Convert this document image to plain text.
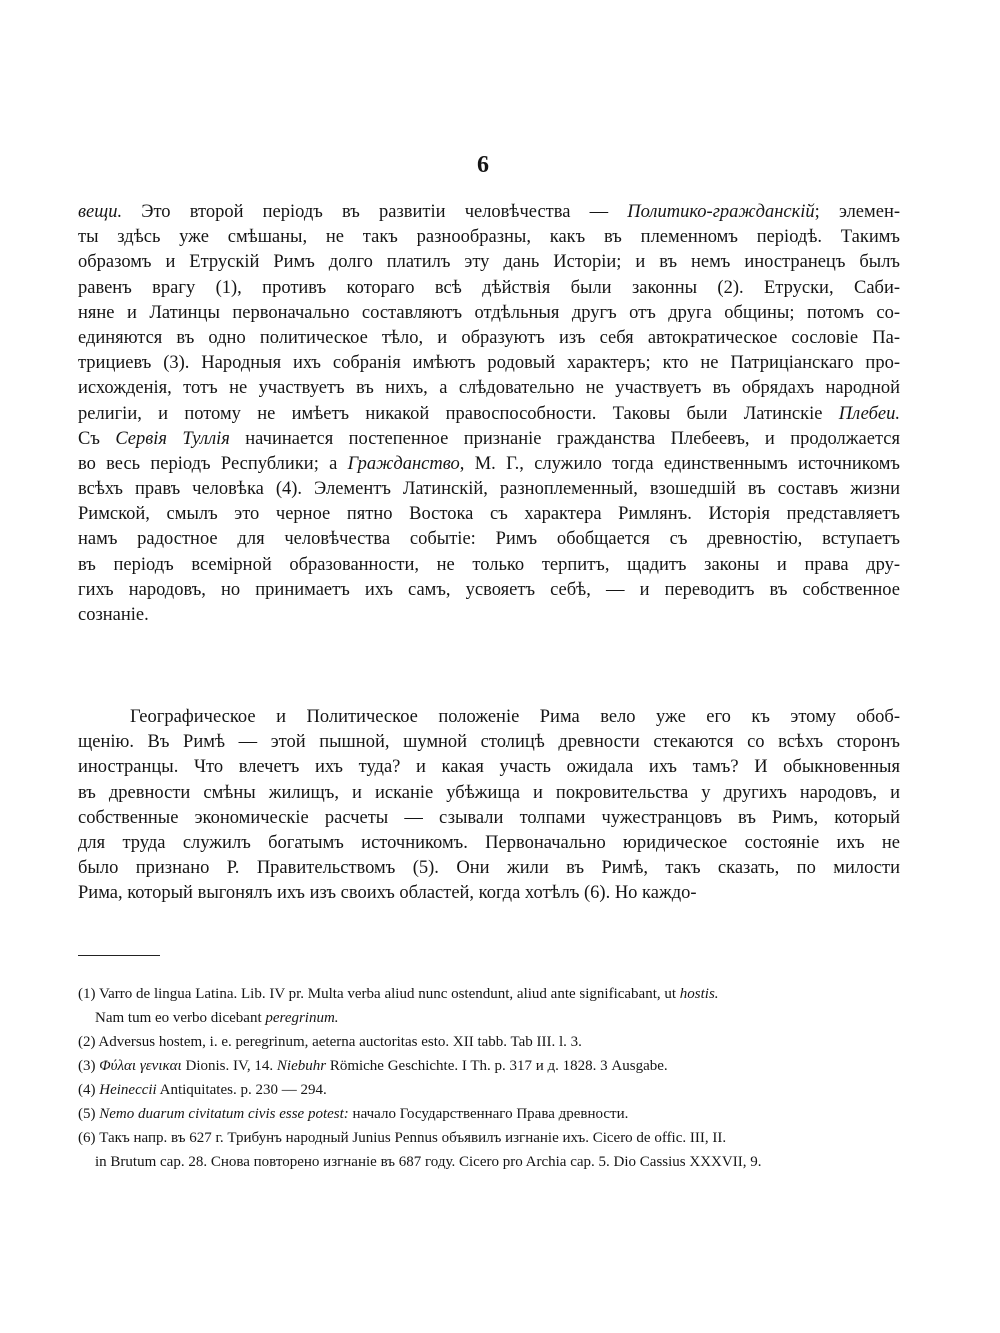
6
вещи. Это второй періодъ въ развитіи человѣчества — Политико-гражданскій; элемен-
ты здѣсь уже смѣшаны, не такъ разнообразны, какъ въ племенномъ періодѣ. Такимъ
образомъ и Етрускій Римъ долго платилъ эту дань Исторіи; и въ немъ иностранецъ былъ
равенъ врагу (1), противъ котораго всѣ дѣйствія были законны (2). Етруски, Саби-
няне и Латинцы первоначально составляютъ отдѣльныя другъ отъ друга общины; потомъ со-
единяются въ одно политическое тѣло, и образуютъ изъ себя автократическое сословіе Па-
трициевъ (3). Народныя ихъ собранія имѣютъ родовый характеръ; кто не Патриціанскаго про-
исхожденія, тотъ не участвуетъ въ нихъ, а слѣдовательно не участвуетъ въ обрядахъ народной
религіи, и потому не имѣетъ никакой правоспособности. Таковы были Латинскіе Плебеи.
Съ Сервія Туллія начинается постепенное признаніе гражданства Плебеевъ, и продолжается
во весь періодъ Республики; а Гражданство, М. Г., служило тогда единственнымъ источникомъ
всѣхъ правъ человѣка (4). Элементъ Латинскій, разноплеменный, взошедшій въ составъ жизни
Римской, смылъ это черное пятно Востока съ характера Римлянъ. Исторія представляетъ
намъ радостное для человѣчества событіе: Римъ обобщается съ древностію, вступаетъ
въ періодъ всемірной образованности, не только терпитъ, щадитъ законы и права дру-
гихъ народовъ, но принимаетъ ихъ самъ, усвояетъ себѣ, — и переводитъ въ собственное
сознаніе.
Географическое и Политическое положеніе Рима вело уже его къ этому обоб-
щенію. Въ Римѣ — этой пышной, шумной столицѣ древности стекаются со всѣхъ сторонъ
иностранцы. Что влечетъ ихъ туда? и какая участь ожидала ихъ тамъ? И обыкновенныя
въ древности смѣны жилищъ, и исканіе убѣжища и покровительства у другихъ народовъ, и
собственные экономическіе расчеты — сзывали толпами чужестранцовъ въ Римъ, который
для труда служилъ богатымъ источникомъ. Первоначально юридическое состояніе ихъ не
было признано Р. Правительствомъ (5). Они жили въ Римѣ, такъ сказать, по милости
Рима, который выгонялъ ихъ изъ своихъ областей, когда хотѣлъ (6). Но каждо-
(1) Varro de lingua Latina. Lib. IV pr. Multa verba aliud nunc ostendunt, aliud ante significabant, ut hostis.
Nam tum eo verbo dicebant peregrinum.
(2) Adversus hostem, i. e. peregrinum, aeterna auctoritas esto. XII tabb. Tab III. l. 3.
(3) Φύλαι γενικαι Dionis. IV, 14. Niebuhr Römiche Geschichte. I Th. p. 317 и д. 1828. 3 Ausgabe.
(4) Heineccii Antiquitates. p. 230 — 294.
(5) Nemo duarum civitatum civis esse potest: начало Государственнаго Права древности.
(6) Такъ напр. въ 627 г. Трибунъ народный Junius Pennus объявилъ изгнаніе ихъ. Cicero de offic. III, II.
in Brutum cap. 28. Снова повторено изгнаніе въ 687 году. Cicero pro Archia cap. 5. Dio Cassius XXXVII, 9.
